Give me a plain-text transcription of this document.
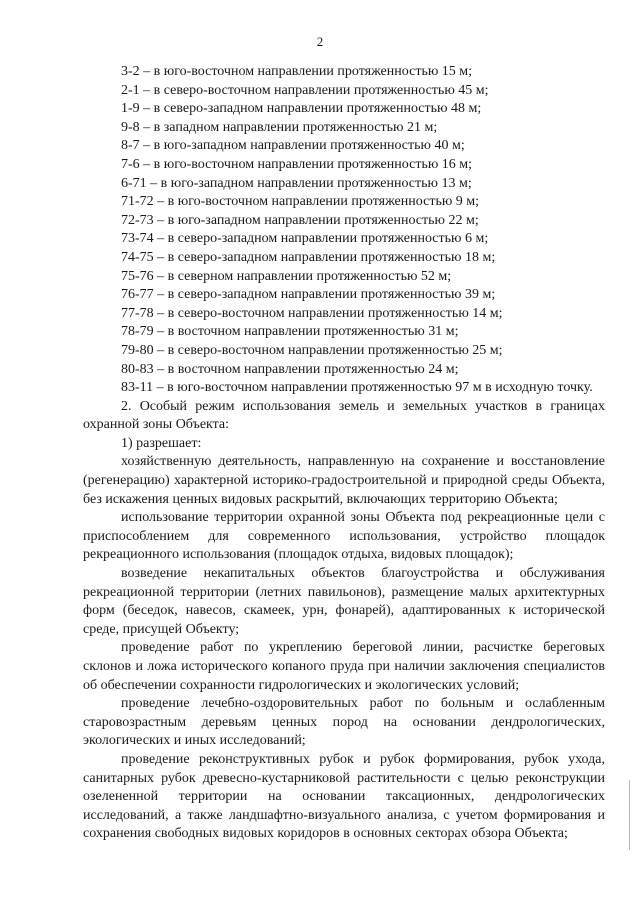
2

3-2 – в юго-восточном направлении протяженностью 15 м;

2-1 – в северо-восточном направлении протяженностью 45 м;

1-9 – в северо-западном направлении протяженностью 48 м;

9-8 – в западном направлении протяженностью 21 м;

8-7 – в юго-западном направлении протяженностью 40 м;

7-6 – в юго-восточном направлении протяженностью 16 м;

6-71 – в юго-западном направлении протяженностью 13 м;

71-72 – в юго-восточном направлении протяженностью 9 м;

72-73 – в юго-западном направлении протяженностью 22 м;

73-74 – в северо-западном направлении протяженностью 6 м;

74-75 – в северо-западном направлении протяженностью 18 м;

75-76 – в северном направлении протяженностью 52 м;

76-77 – в северо-западном направлении протяженностью 39 м;

77-78 – в северо-восточном направлении протяженностью 14 м;

78-79 – в восточном направлении протяженностью 31 м;

79-80 – в северо-восточном направлении протяженностью 25 м;

80-83 – в восточном направлении протяженностью 24 м;

83-11 – в юго-восточном направлении протяженностью 97 м в исходную точку.

2. Особый режим использования земель и земельных участков в границах охранной зоны Объекта:

1) разрешает:

хозяйственную деятельность, направленную на сохранение и восстановление (регенерацию) характерной историко-градостроительной и природной среды Объекта, без искажения ценных видовых раскрытий, включающих территорию Объекта;

использование территории охранной зоны Объекта под рекреационные цели с приспособлением для современного использования, устройство площадок рекреационного использования (площадок отдыха, видовых площадок);

возведение некапитальных объектов благоустройства и обслуживания рекреационной территории (летних павильонов), размещение малых архитектурных форм (беседок, навесов, скамеек, урн, фонарей), адаптированных к исторической среде, присущей Объекту;

проведение работ по укреплению береговой линии, расчистке береговых склонов и ложа исторического копаного пруда при наличии заключения специалистов об обеспечении сохранности гидрологических и экологических условий;

проведение лечебно-оздоровительных работ по больным и ослабленным старовозрастным деревьям ценных пород на основании дендрологических, экологических и иных исследований;

проведение реконструктивных рубок и рубок формирования, рубок ухода, санитарных рубок древесно-кустарниковой растительности с целью реконструкции озелененной территории на основании таксационных, дендрологических исследований, а также ландшафтно-визуального анализа, с учетом формирования и сохранения свободных видовых коридоров в основных секторах обзора Объекта;
